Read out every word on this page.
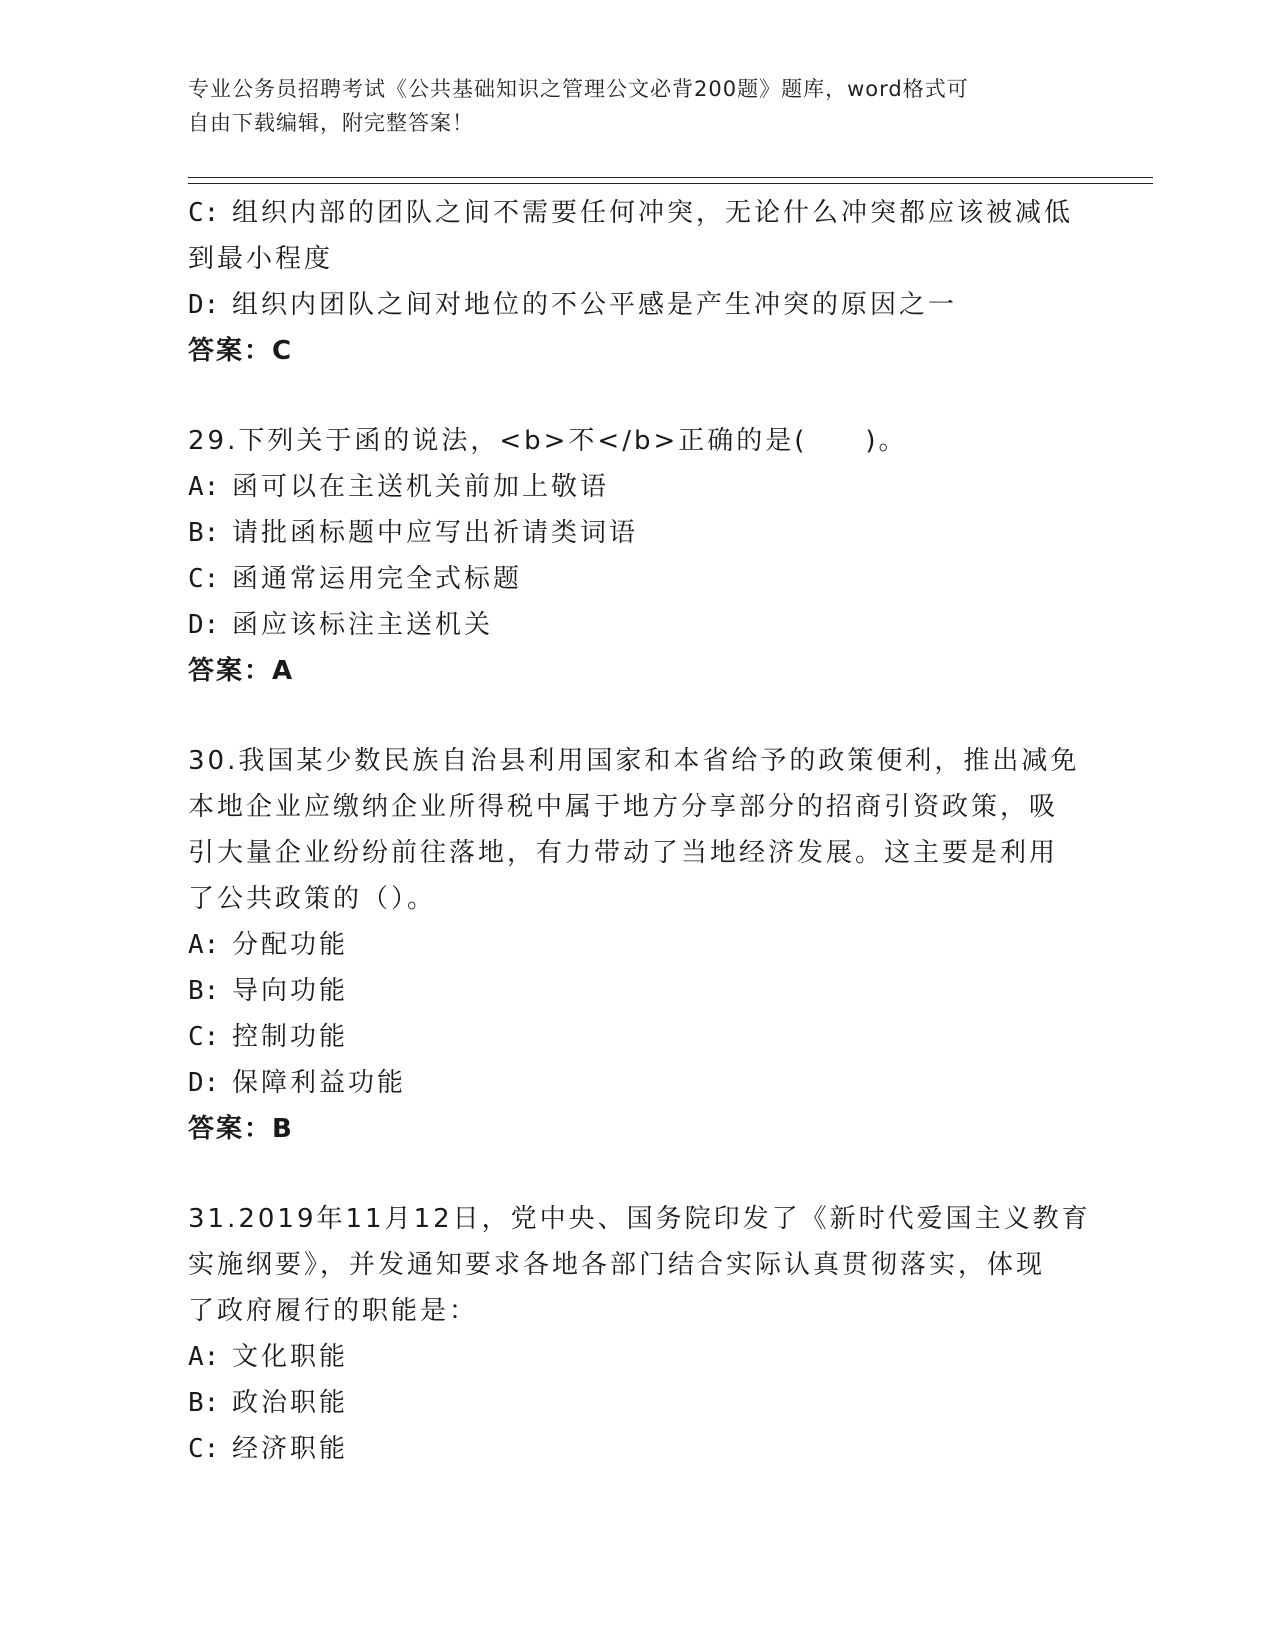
专业公务员招聘考试《公共基础知识之管理公文必背200题》题库，word格式可
自由下载编辑，附完整答案！
C: 组织内部的团队之间不需要任何冲突，无论什么冲突都应该被减低
到最小程度
D: 组织内团队之间对地位的不公平感是产生冲突的原因之一
答案：C
29.下列关于函的说法，<b>不</b>正确的是(　　)。
A: 函可以在主送机关前加上敬语
B: 请批函标题中应写出祈请类词语
C: 函通常运用完全式标题
D: 函应该标注主送机关
答案：A
30.我国某少数民族自治县利用国家和本省给予的政策便利，推出减免
本地企业应缴纳企业所得税中属于地方分享部分的招商引资政策，吸
引大量企业纷纷前往落地，有力带动了当地经济发展。这主要是利用
了公共政策的（）。
A: 分配功能
B: 导向功能
C: 控制功能
D: 保障利益功能
答案：B
31.2019年11月12日，党中央、国务院印发了《新时代爱国主义教育
实施纲要》，并发通知要求各地各部门结合实际认真贯彻落实，体现
了政府履行的职能是：
A: 文化职能
B: 政治职能
C: 经济职能
